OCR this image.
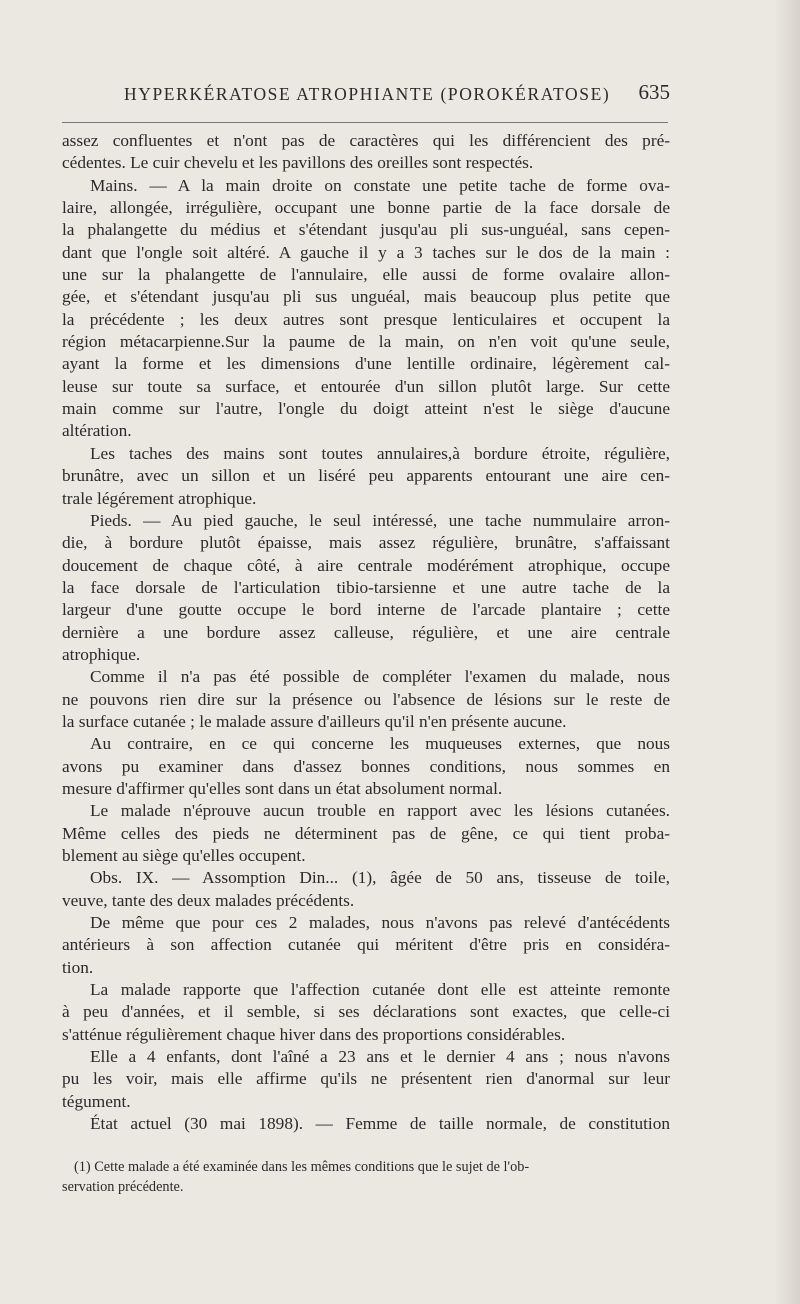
HYPERKÉRATOSE ATROPHIANTE (POROKÉRATOSE) 635
assez confluentes et n'ont pas de caractères qui les différencient des pré-
cédentes. Le cuir chevelu et les pavillons des oreilles sont respectés.
Mains. — A la main droite on constate une petite tache de forme ova-
laire, allongée, irrégulière, occupant une bonne partie de la face dorsale de
la phalangette du médius et s'étendant jusqu'au pli sus-unguéal, sans cepen-
dant que l'ongle soit altéré. A gauche il y a 3 taches sur le dos de la main :
une sur la phalangette de l'annulaire, elle aussi de forme ovalaire allon-
gée, et s'étendant jusqu'au pli sus unguéal, mais beaucoup plus petite que
la précédente ; les deux autres sont presque lenticulaires et occupent la
région métacarpienne.Sur la paume de la main, on n'en voit qu'une seule,
ayant la forme et les dimensions d'une lentille ordinaire, légèrement cal-
leuse sur toute sa surface, et entourée d'un sillon plutôt large. Sur cette
main comme sur l'autre, l'ongle du doigt atteint n'est le siège d'aucune
altération.
Les taches des mains sont toutes annulaires,à bordure étroite, régulière,
brunâtre, avec un sillon et un liséré peu apparents entourant une aire cen-
trale légérement atrophique.
Pieds. — Au pied gauche, le seul intéressé, une tache nummulaire arron-
die, à bordure plutôt épaisse, mais assez régulière, brunâtre, s'affaissant
doucement de chaque côté, à aire centrale modérément atrophique, occupe
la face dorsale de l'articulation tibio-tarsienne et une autre tache de la
largeur d'une goutte occupe le bord interne de l'arcade plantaire ; cette
dernière a une bordure assez calleuse, régulière, et une aire centrale
atrophique.
Comme il n'a pas été possible de compléter l'examen du malade, nous
ne pouvons rien dire sur la présence ou l'absence de lésions sur le reste de
la surface cutanée ; le malade assure d'ailleurs qu'il n'en présente aucune.
Au contraire, en ce qui concerne les muqueuses externes, que nous
avons pu examiner dans d'assez bonnes conditions, nous sommes en
mesure d'affirmer qu'elles sont dans un état absolument normal.
Le malade n'éprouve aucun trouble en rapport avec les lésions cutanées.
Même celles des pieds ne déterminent pas de gêne, ce qui tient proba-
blement au siège qu'elles occupent.
Obs. IX. — Assomption Din... (1), âgée de 50 ans, tisseuse de toile,
veuve, tante des deux malades précédents.
De même que pour ces 2 malades, nous n'avons pas relevé d'antécédents
antérieurs à son affection cutanée qui méritent d'être pris en considéra-
tion.
La malade rapporte que l'affection cutanée dont elle est atteinte remonte
à peu d'années, et il semble, si ses déclarations sont exactes, que celle-ci
s'atténue régulièrement chaque hiver dans des proportions considérables.
Elle a 4 enfants, dont l'aîné a 23 ans et le dernier 4 ans ; nous n'avons
pu les voir, mais elle affirme qu'ils ne présentent rien d'anormal sur leur
tégument.
État actuel (30 mai 1898). — Femme de taille normale, de constitution
(1) Cette malade a été examinée dans les mêmes conditions que le sujet de l'ob-
servation précédente.
